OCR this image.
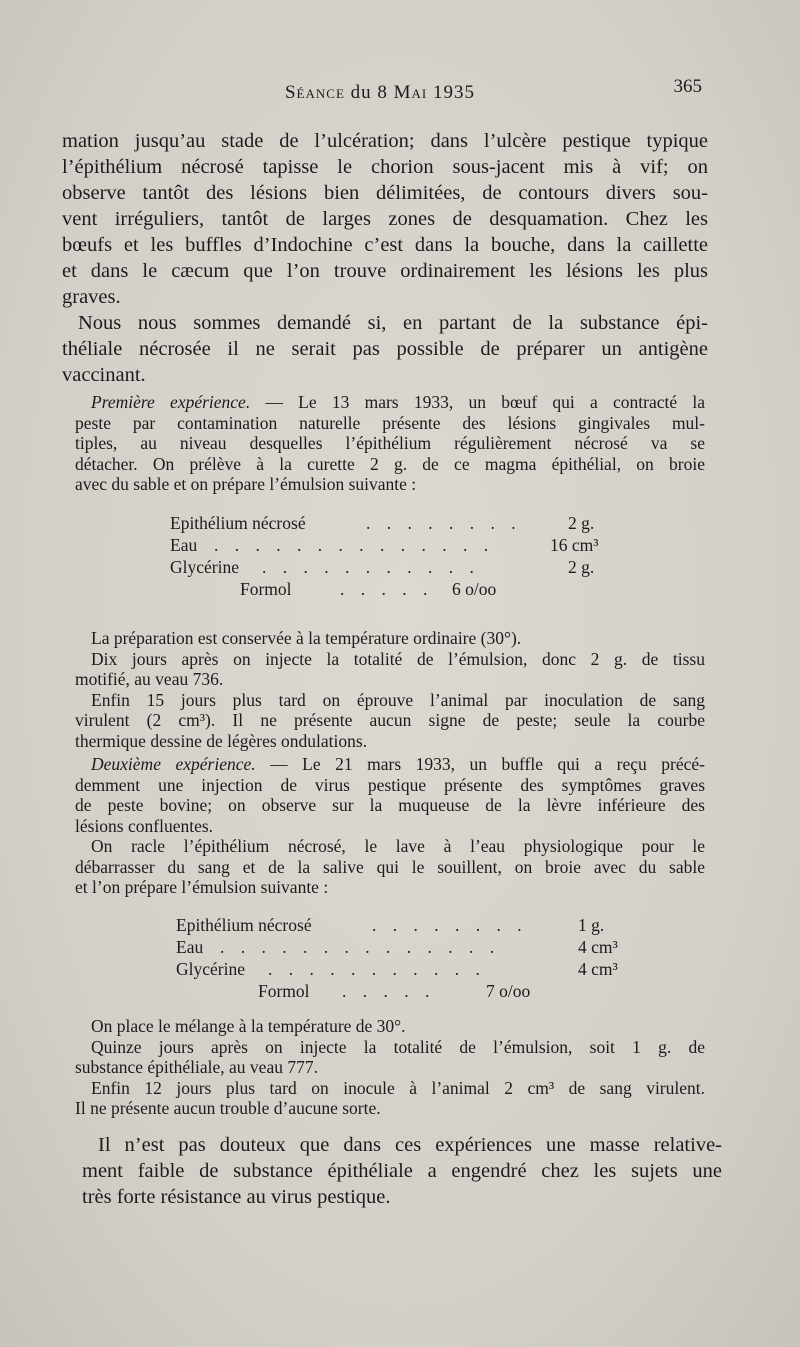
Séance du 8 Mai 1935	365
mation jusqu’au stade de l’ulcération; dans l’ulcère pestique typique
l’épithélium nécrosé tapisse le chorion sous-jacent mis à vif; on
observe tantôt des lésions bien délimitées, de contours divers sou-
vent irréguliers, tantôt de larges zones de desquamation. Chez les
bœufs et les buffles d’Indochine c’est dans la bouche, dans la caillette
et dans le cæcum que l’on trouve ordinairement les lésions les plus
graves.
Nous nous sommes demandé si, en partant de la substance épi-
théliale nécrosée il ne serait pas possible de préparer un antigène
vaccinant.
Première expérience. — Le 13 mars 1933, un bœuf qui a contracté la
peste par contamination naturelle présente des lésions gingivales mul-
tiples, au niveau desquelles l’épithélium régulièrement nécrosé va se
détacher. On prélève à la curette 2 g. de ce magma épithélial, on broie
avec du sable et on prépare l’émulsion suivante :
Epithélium nécrosé	. . . . . . . .	2 g.
Eau . . . . . . . . . . . . . .	16 cm³
Glycérine . . . . . . . . . . .	2 g.
Formol	. . . . . 6 o/oo
La préparation est conservée à la température ordinaire (30°).
Dix jours après on injecte la totalité de l’émulsion, donc 2 g. de tissu
motifié, au veau 736.
Enfin 15 jours plus tard on éprouve l’animal par inoculation de sang
virulent (2 cm³). Il ne présente aucun signe de peste; seule la courbe
thermique dessine de légères ondulations.
Deuxième expérience. — Le 21 mars 1933, un buffle qui a reçu précé-
demment une injection de virus pestique présente des symptômes graves
de peste bovine; on observe sur la muqueuse de la lèvre inférieure des
lésions confluentes.
On racle l’épithélium nécrosé, le lave à l’eau physiologique pour le
débarrasser du sang et de la salive qui le souillent, on broie avec du sable
et l’on prépare l’émulsion suivante :
Epithélium nécrosé	. . . . . . . .	1 g.
Eau . . . . . . . . . . . . . .	4 cm³
Glycérine . . . . . . . . . . .	4 cm³
Formol . . . . .	7 o/oo
On place le mélange à la température de 30°.
Quinze jours après on injecte la totalité de l’émulsion, soit 1 g. de
substance épithéliale, au veau 777.
Enfin 12 jours plus tard on inocule à l’animal 2 cm³ de sang virulent.
Il ne présente aucun trouble d’aucune sorte.
Il n’est pas douteux que dans ces expériences une masse relative-
ment faible de substance épithéliale a engendré chez les sujets une
très forte résistance au virus pestique.
